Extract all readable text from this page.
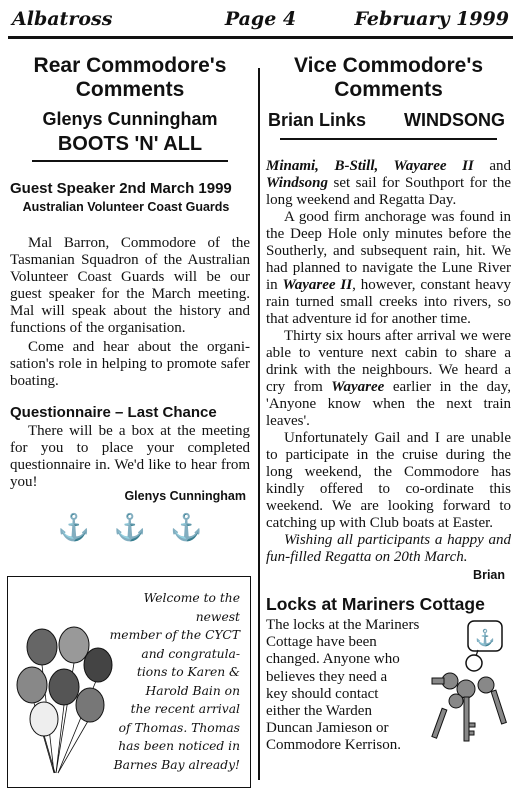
Albatross	Page 4	February 1999
Rear Commodore's
Comments
Glenys Cunningham
BOOTS 'N' ALL
Guest Speaker 2nd March 1999
Australian Volunteer Coast Guards

Mal Barron, Commodore of the Tasmanian Squadron of the Australian Volunteer Coast Guards will be our guest speaker for the March meeting. Mal will speak about the history and functions of the organisation.

Come and hear about the organisation's role in helping to promote safer boating.

Questionnaire – Last Chance

There will be a box at the meeting for you to place your completed questionnaire in. We'd like to hear from you!

Glenys Cunningham
⚓ ⚓ ⚓
Welcome to the newest
member of the CYCT
and congratula-
tions to Karen &
Harold Bain on
the recent arrival
of Thomas. Thomas
has been noticed in
Barnes Bay already!
Vice Commodore's
Comments
Brian Links WINDSONG

Minami, B-Still, Wayaree II and Windsong set sail for Southport for the long weekend and Regatta Day.

A good firm anchorage was found in the Deep Hole only minutes before the Southerly, and subsequent rain, hit. We had planned to navigate the Lune River in Wayaree II, however, constant heavy rain turned small creeks into rivers, so that adventure id for another time.

Thirty six hours after arrival we were able to venture next cabin to share a drink with the neighbours. We heard a cry from Wayaree earlier in the day, 'Anyone know when the next train leaves'.

Unfortunately Gail and I are unable to participate in the cruise during the long weekend, the Commodore has kindly offered to co-ordinate this weekend. We are looking forward to catching up with Club boats at Easter.

Wishing all participants a happy and fun-filled Regatta on 20th March.

Brian
Locks at Mariners Cottage
The locks at the Mariners
Cottage have been
changed. Anyone who
believes they need a
key should contact
either the Warden
Duncan Jamieson or
Commodore Kerrison.
⚓
